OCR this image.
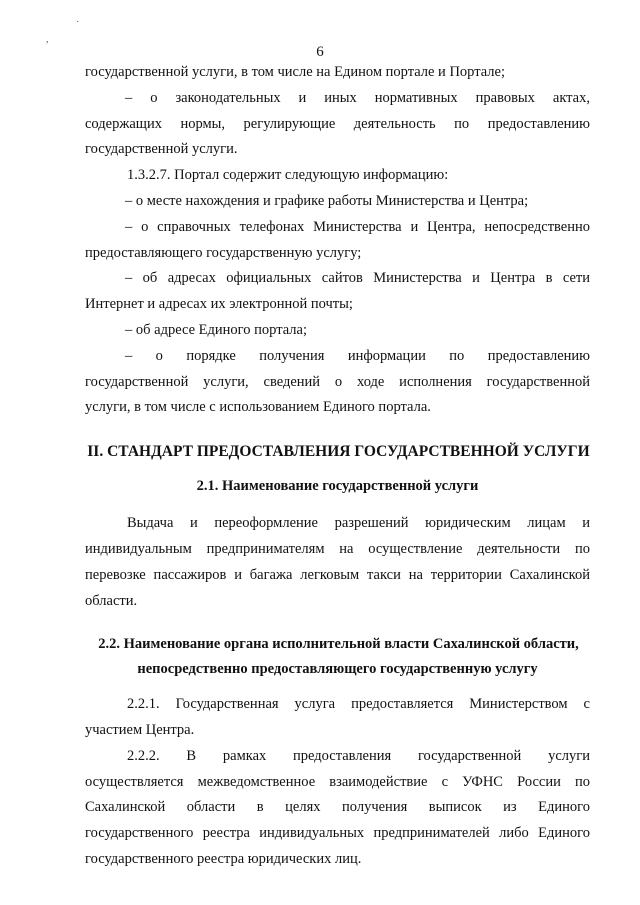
,
˙
6
государственной услуги, в том числе на Едином портале и Портале;
– о законодательных и иных нормативных правовых актах,
содержащих нормы, регулирующие деятельность по предоставлению
государственной услуги.
1.3.2.7. Портал содержит следующую информацию:
– о месте нахождения и графике работы Министерства и Центра;
– о справочных телефонах Министерства и Центра, непосредственно
предоставляющего государственную услугу;
– об адресах официальных сайтов Министерства и Центра в сети
Интернет и адресах их электронной почты;
– об адресе Единого портала;
– о порядке получения информации по предоставлению
государственной услуги, сведений о ходе исполнения государственной
услуги, в том числе с использованием Единого портала.
II. СТАНДАРТ ПРЕДОСТАВЛЕНИЯ ГОСУДАРСТВЕННОЙ УСЛУГИ
2.1. Наименование государственной услуги
Выдача и переоформление разрешений юридическим лицам и
индивидуальным предпринимателям на осуществление деятельности по
перевозке пассажиров и багажа легковым такси на территории Сахалинской
области.
2.2. Наименование органа исполнительной власти Сахалинской области,
непосредственно предоставляющего государственную услугу
2.2.1. Государственная услуга предоставляется Министерством с
участием Центра.
2.2.2. В рамках предоставления государственной услуги
осуществляется межведомственное взаимодействие с УФНС России по
Сахалинской области в целях получения выписок из Единого
государственного реестра индивидуальных предпринимателей либо Единого
государственного реестра юридических лиц.
